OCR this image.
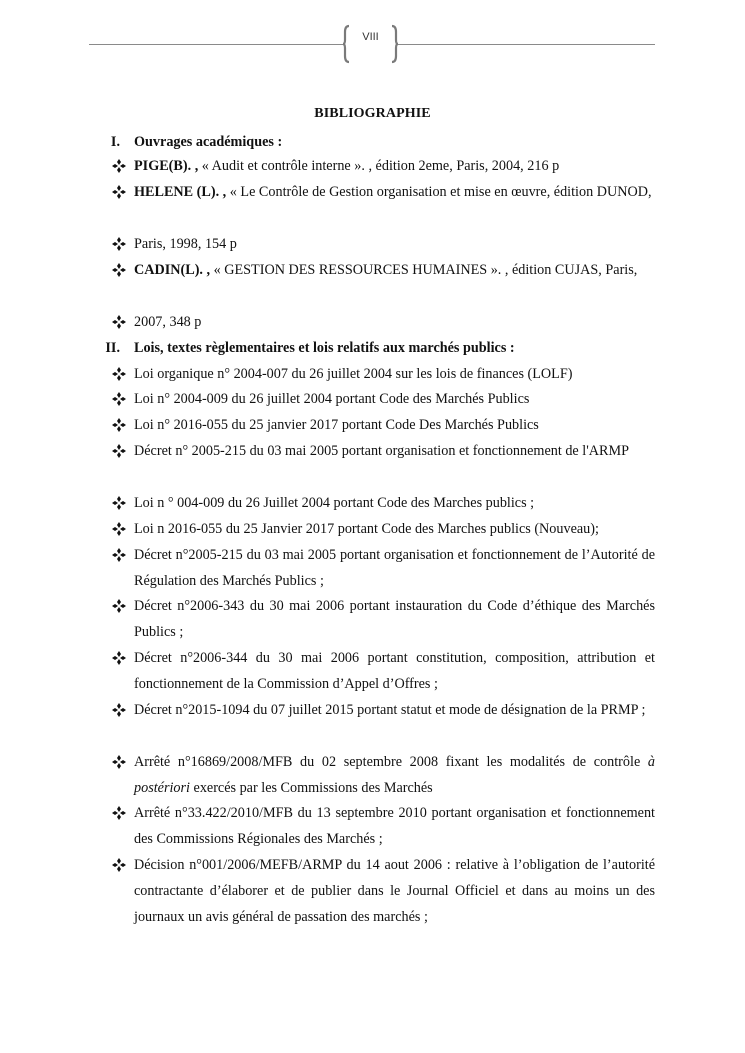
VIII
BIBLIOGRAPHIE
I. Ouvrages académiques :
PIGE(B). , « Audit et contrôle interne ». , édition 2eme, Paris, 2004, 216 p
HELENE (L). , « Le Contrôle de Gestion organisation et mise en œuvre, édition DUNOD,
Paris, 1998, 154 p
CADIN(L). , « GESTION DES RESSOURCES HUMAINES ». , édition CUJAS, Paris,
2007, 348 p
II. Lois, textes règlementaires et lois relatifs aux marchés publics :
Loi organique n° 2004-007 du 26 juillet 2004 sur les lois de finances (LOLF)
Loi n° 2004-009 du 26 juillet 2004 portant Code des Marchés Publics
Loi n° 2016-055 du 25 janvier 2017 portant Code Des Marchés Publics
Décret n° 2005-215 du 03 mai 2005 portant organisation et fonctionnement de l'ARMP
Loi n ° 004-009 du 26 Juillet 2004 portant Code des Marches publics ;
Loi n 2016-055 du 25 Janvier 2017 portant Code des Marches publics (Nouveau);
Décret n°2005-215 du 03 mai 2005 portant organisation et fonctionnement de l’Autorité de Régulation des Marchés Publics ;
Décret n°2006-343 du 30 mai 2006 portant instauration du Code d’éthique des Marchés Publics ;
Décret n°2006-344 du 30 mai 2006 portant constitution, composition, attribution et fonctionnement de la Commission d’Appel d’Offres ;
Décret n°2015-1094 du 07 juillet 2015 portant statut et mode de désignation de la PRMP ;
Arrêté n°16869/2008/MFB du 02 septembre 2008 fixant les modalités de contrôle à postériori exercés par les Commissions des Marchés
Arrêté n°33.422/2010/MFB du 13 septembre 2010 portant organisation et fonctionnement des Commissions Régionales des Marchés ;
Décision n°001/2006/MEFB/ARMP du 14 aout 2006 : relative à l’obligation de l’autorité contractante d’élaborer et de publier dans le Journal Officiel et dans au moins un des journaux un avis général de passation des marchés ;
